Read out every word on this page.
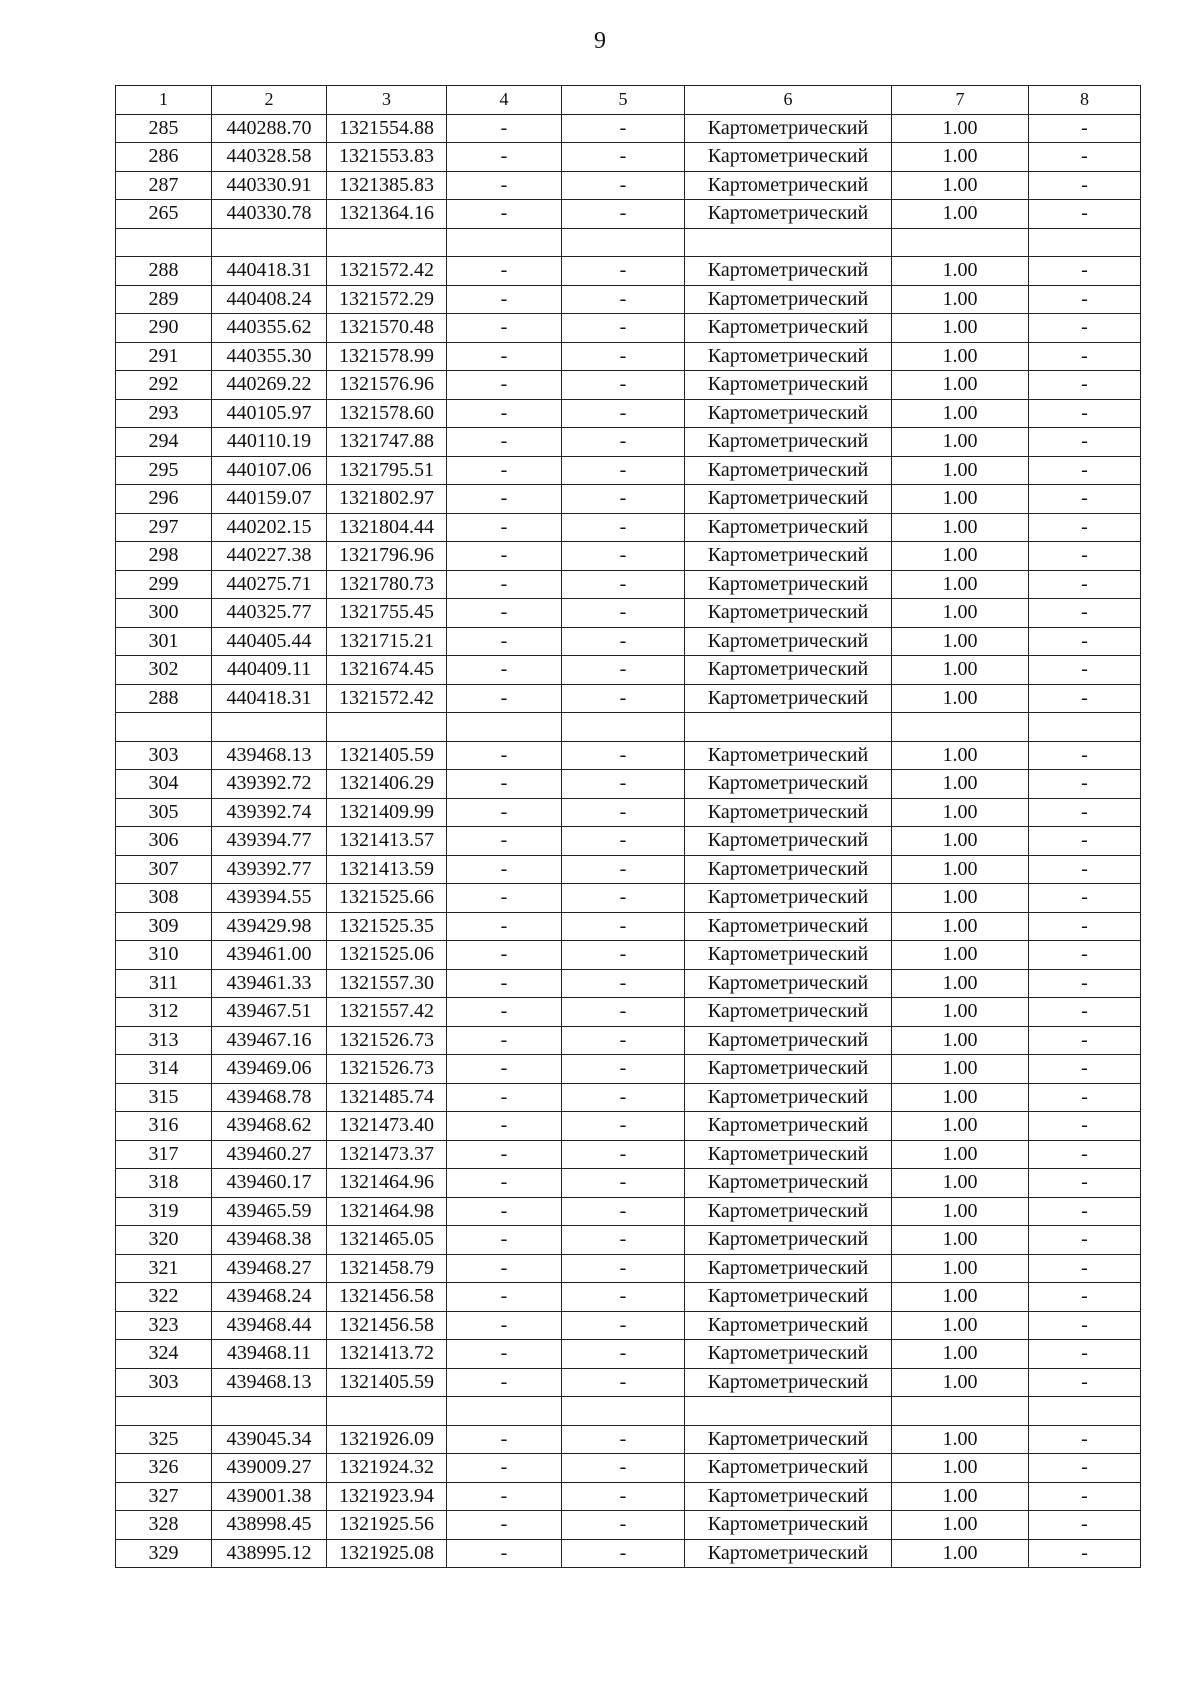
9
1	2	3	4	5	6	7	8
285	440288.70	1321554.88	-	-	Картометрический	1.00	-
286	440328.58	1321553.83	-	-	Картометрический	1.00	-
287	440330.91	1321385.83	-	-	Картометрический	1.00	-
265	440330.78	1321364.16	-	-	Картометрический	1.00	-

288	440418.31	1321572.42	-	-	Картометрический	1.00	-
289	440408.24	1321572.29	-	-	Картометрический	1.00	-
290	440355.62	1321570.48	-	-	Картометрический	1.00	-
291	440355.30	1321578.99	-	-	Картометрический	1.00	-
292	440269.22	1321576.96	-	-	Картометрический	1.00	-
293	440105.97	1321578.60	-	-	Картометрический	1.00	-
294	440110.19	1321747.88	-	-	Картометрический	1.00	-
295	440107.06	1321795.51	-	-	Картометрический	1.00	-
296	440159.07	1321802.97	-	-	Картометрический	1.00	-
297	440202.15	1321804.44	-	-	Картометрический	1.00	-
298	440227.38	1321796.96	-	-	Картометрический	1.00	-
299	440275.71	1321780.73	-	-	Картометрический	1.00	-
300	440325.77	1321755.45	-	-	Картометрический	1.00	-
301	440405.44	1321715.21	-	-	Картометрический	1.00	-
302	440409.11	1321674.45	-	-	Картометрический	1.00	-
288	440418.31	1321572.42	-	-	Картометрический	1.00	-

303	439468.13	1321405.59	-	-	Картометрический	1.00	-
304	439392.72	1321406.29	-	-	Картометрический	1.00	-
305	439392.74	1321409.99	-	-	Картометрический	1.00	-
306	439394.77	1321413.57	-	-	Картометрический	1.00	-
307	439392.77	1321413.59	-	-	Картометрический	1.00	-
308	439394.55	1321525.66	-	-	Картометрический	1.00	-
309	439429.98	1321525.35	-	-	Картометрический	1.00	-
310	439461.00	1321525.06	-	-	Картометрический	1.00	-
311	439461.33	1321557.30	-	-	Картометрический	1.00	-
312	439467.51	1321557.42	-	-	Картометрический	1.00	-
313	439467.16	1321526.73	-	-	Картометрический	1.00	-
314	439469.06	1321526.73	-	-	Картометрический	1.00	-
315	439468.78	1321485.74	-	-	Картометрический	1.00	-
316	439468.62	1321473.40	-	-	Картометрический	1.00	-
317	439460.27	1321473.37	-	-	Картометрический	1.00	-
318	439460.17	1321464.96	-	-	Картометрический	1.00	-
319	439465.59	1321464.98	-	-	Картометрический	1.00	-
320	439468.38	1321465.05	-	-	Картометрический	1.00	-
321	439468.27	1321458.79	-	-	Картометрический	1.00	-
322	439468.24	1321456.58	-	-	Картометрический	1.00	-
323	439468.44	1321456.58	-	-	Картометрический	1.00	-
324	439468.11	1321413.72	-	-	Картометрический	1.00	-
303	439468.13	1321405.59	-	-	Картометрический	1.00	-

325	439045.34	1321926.09	-	-	Картометрический	1.00	-
326	439009.27	1321924.32	-	-	Картометрический	1.00	-
327	439001.38	1321923.94	-	-	Картометрический	1.00	-
328	438998.45	1321925.56	-	-	Картометрический	1.00	-
329	438995.12	1321925.08	-	-	Картометрический	1.00	-
